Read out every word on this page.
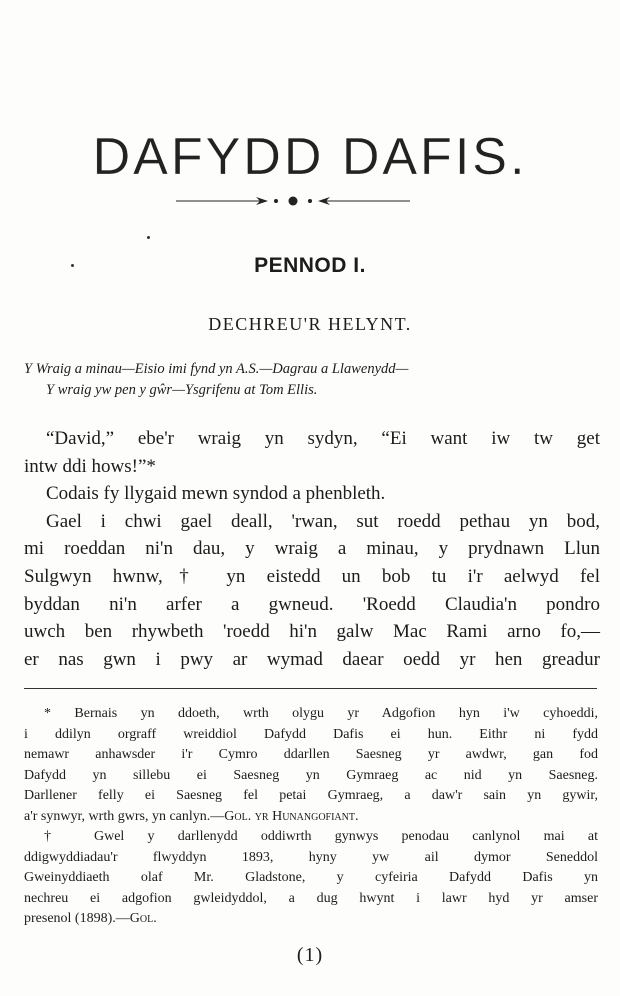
DAFYDD DAFIS.
PENNOD I.
DECHREU'R HELYNT.
Y Wraig a minau—Eisio imi fynd yn A.S.—Dagrau a Llawenydd—
Y wraig yw pen y gŵr—Ysgrifenu at Tom Ellis.
“David,” ebe'r wraig yn sydyn, “Ei want iw tw get
intw ddi hows!”*
Codais fy llygaid mewn syndod a phenbleth.
Gael i chwi gael deall, 'rwan, sut roedd pethau yn bod,
mi roeddan ni'n dau, y wraig a minau, y prydnawn Llun
Sulgwyn hwnw,† yn eistedd un bob tu i'r aelwyd fel
byddan ni'n arfer a gwneud. 'Roedd Claudia'n pondro
uwch ben rhywbeth 'roedd hi'n galw Mac Rami arno fo,—
er nas gwn i pwy ar wymad daear oedd yr hen greadur
* Bernais yn ddoeth, wrth olygu yr Adgofion hyn i'w cyhoeddi,
i ddilyn orgraff wreiddiol Dafydd Dafis ei hun. Eithr ni fydd
nemawr anhawsder i'r Cymro ddarllen Saesneg yr awdwr, gan fod
Dafydd yn sillebu ei Saesneg yn Gymraeg ac nid yn Saesneg.
Darllener felly ei Saesneg fel petai Gymraeg, a daw'r sain yn gywir,
a'r synwyr, wrth gwrs, yn canlyn.—Gol. yr Hunangofiant.
† Gwel y darllenydd oddiwrth gynwys penodau canlynol mai at
ddigwyddiadau'r flwyddyn 1893, hyny yw ail dymor Seneddol
Gweinyddiaeth olaf Mr. Gladstone, y cyfeiria Dafydd Dafis yn
nechreu ei adgofion gwleidyddol, a dug hwynt i lawr hyd yr amser
presenol (1898).—Gol.
(1)
